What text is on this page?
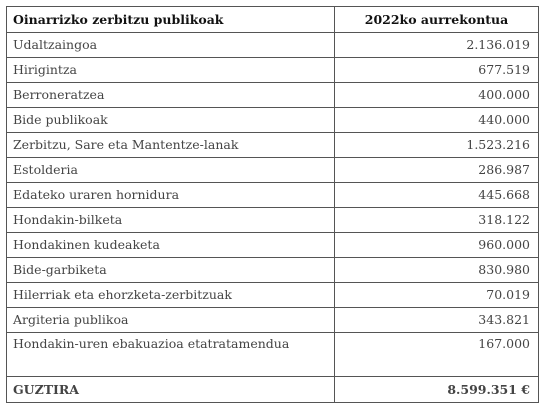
Oinarrizko zerbitzu publikoak	2022ko aurrekontua
Udaltzaingoa	2.136.019
Hirigintza	677.519
Berroneratzea	400.000
Bide publikoak	440.000
Zerbitzu, Sare eta Mantentze-lanak	1.523.216
Estolderia	286.987
Edateko uraren hornidura	445.668
Hondakin-bilketa	318.122
Hondakinen kudeaketa	960.000
Bide-garbiketa	830.980
Hilerriak eta ehorzketa-zerbitzuak	70.019
Argiteria publikoa	343.821
Hondakin-uren ebakuazioa etatratamendua	167.000
GUZTIRA	8.599.351 €
